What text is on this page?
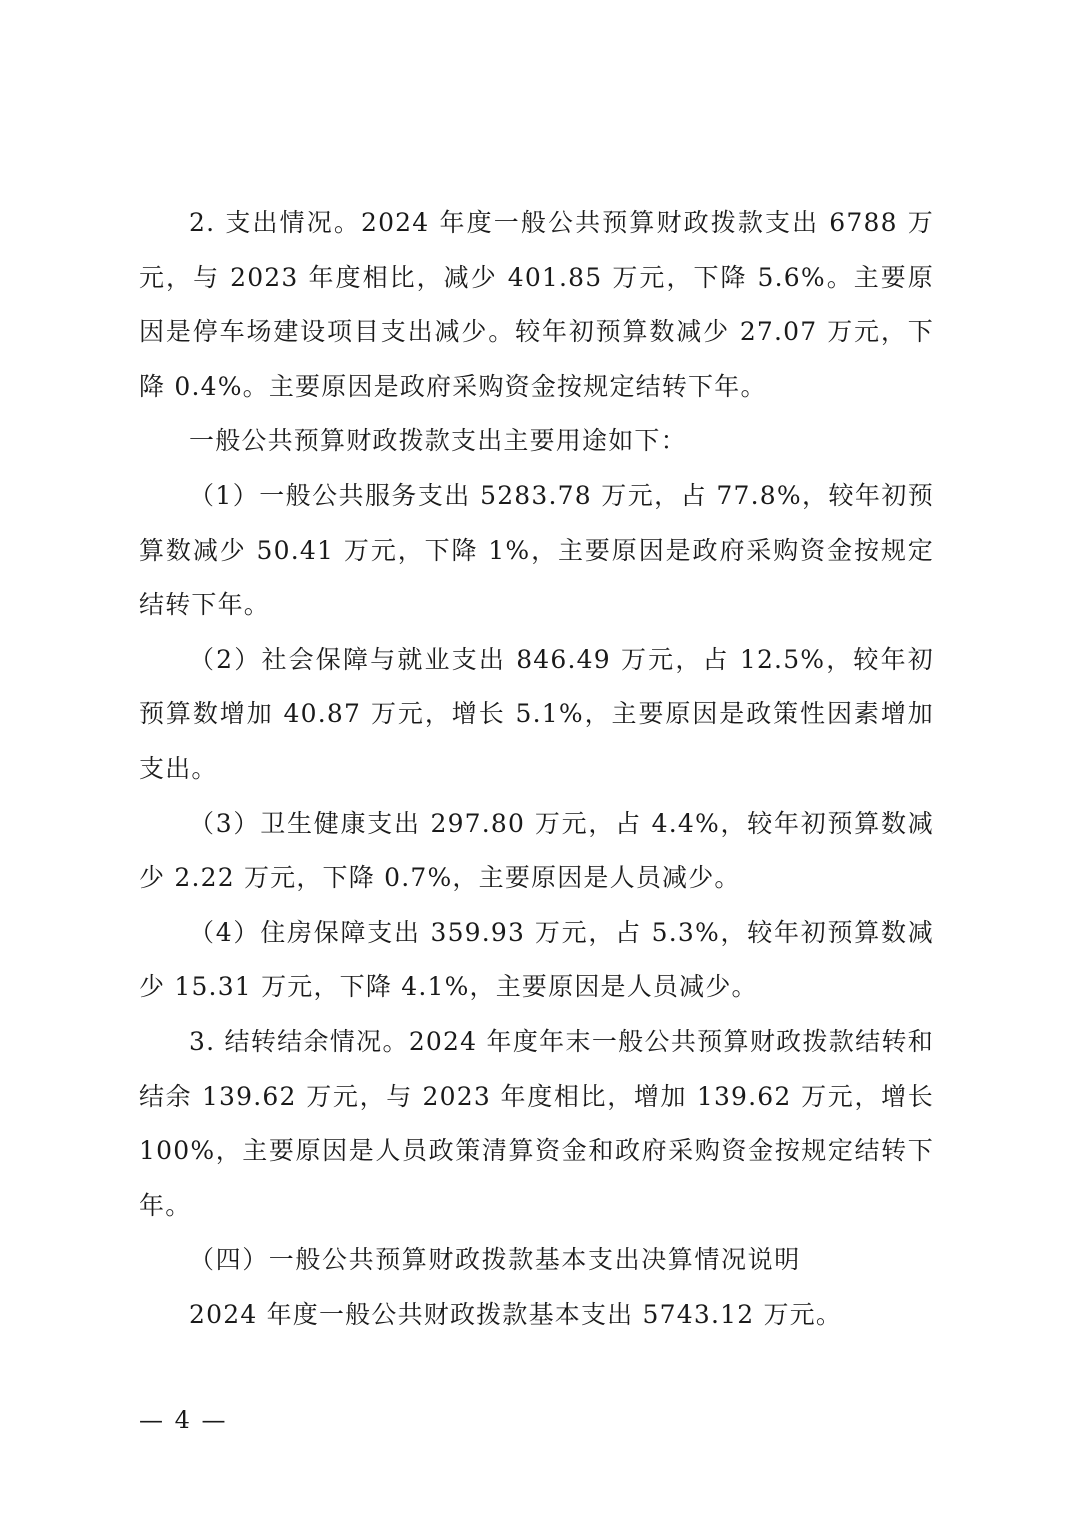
2. 支出情况。2024 年度一般公共预算财政拨款支出 6788 万元，与 2023 年度相比，减少 401.85 万元，下降 5.6%。主要原因是停车场建设项目支出减少。较年初预算数减少 27.07 万元，下降 0.4%。主要原因是政府采购资金按规定结转下年。

一般公共预算财政拨款支出主要用途如下：

（1）一般公共服务支出 5283.78 万元，占 77.8%，较年初预算数减少 50.41 万元，下降 1%，主要原因是政府采购资金按规定结转下年。

（2）社会保障与就业支出 846.49 万元，占 12.5%，较年初预算数增加 40.87 万元，增长 5.1%，主要原因是政策性因素增加支出。

（3）卫生健康支出 297.80 万元，占 4.4%，较年初预算数减少 2.22 万元，下降 0.7%，主要原因是人员减少。

（4）住房保障支出 359.93 万元，占 5.3%，较年初预算数减少 15.31 万元，下降 4.1%，主要原因是人员减少。

3. 结转结余情况。2024 年度年末一般公共预算财政拨款结转和结余 139.62 万元，与 2023 年度相比，增加 139.62 万元，增长 100%，主要原因是人员政策清算资金和政府采购资金按规定结转下年。

（四）一般公共预算财政拨款基本支出决算情况说明

2024 年度一般公共财政拨款基本支出 5743.12 万元。

— 4 —
